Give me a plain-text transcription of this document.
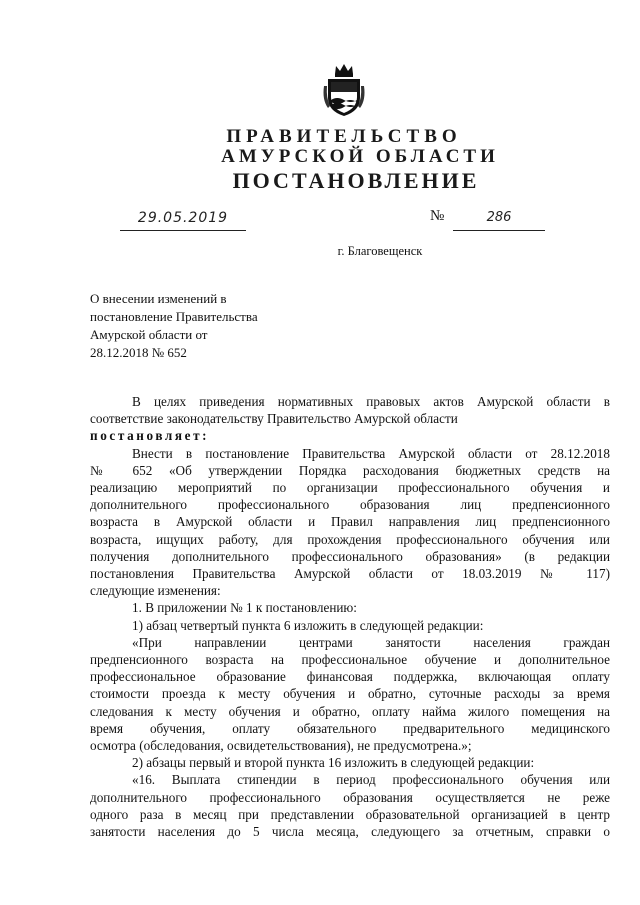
ПРАВИТЕЛЬСТВО
АМУРСКОЙ ОБЛАСТИ
ПОСТАНОВЛЕНИЕ
29.05.2019	№	286
г. Благовещенск
О внесении изменений в
постановление Правительства
Амурской области от
28.12.2018 № 652
В целях приведения нормативных правовых актов Амурской области в
соответствие законодательству Правительство Амурской области
постановляет:
Внести в постановление Правительства Амурской области от 28.12.2018
№ 652 «Об утверждении Порядка расходования бюджетных средств на
реализацию мероприятий по организации профессионального обучения и
дополнительного профессионального образования лиц предпенсионного
возраста в Амурской области и Правил направления лиц предпенсионного
возраста, ищущих работу, для прохождения профессионального обучения или
получения дополнительного профессионального образования» (в редакции
постановления Правительства Амурской области от 18.03.2019 № 117)
следующие изменения:
1. В приложении № 1 к постановлению:
1) абзац четвертый пункта 6 изложить в следующей редакции:
«При направлении центрами занятости населения граждан
предпенсионного возраста на профессиональное обучение и дополнительное
профессиональное образование финансовая поддержка, включающая оплату
стоимости проезда к месту обучения и обратно, суточные расходы за время
следования к месту обучения и обратно, оплату найма жилого помещения на
время обучения, оплату обязательного предварительного медицинского
осмотра (обследования, освидетельствования), не предусмотрена.»;
2) абзацы первый и второй пункта 16 изложить в следующей редакции:
«16. Выплата стипендии в период профессионального обучения или
дополнительного профессионального образования осуществляется не реже
одного раза в месяц при представлении образовательной организацией в центр
занятости населения до 5 числа месяца, следующего за отчетным, справки о
